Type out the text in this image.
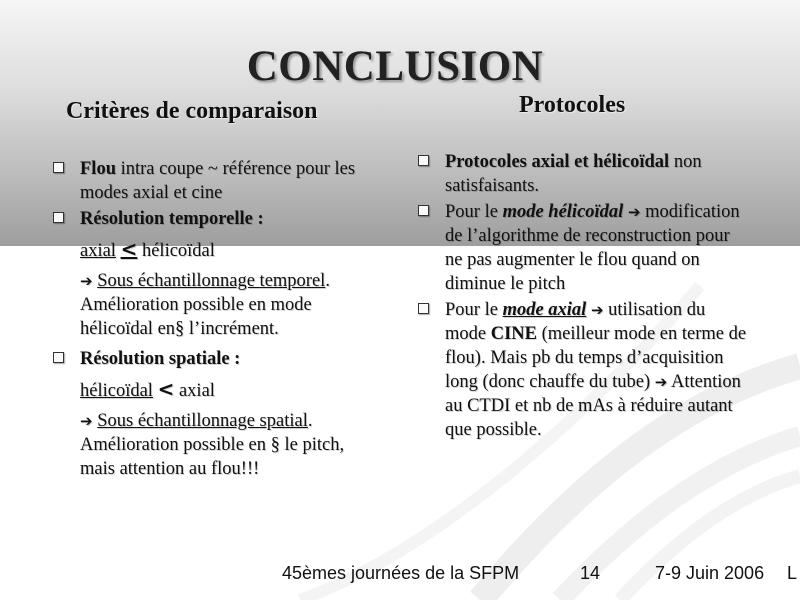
CONCLUSION
Critères de comparaison	Protocoles
Flou intra coupe ~ référence pour les modes axial et cine
Résolution temporelle :
axial < hélicoïdal
➔ Sous échantillonnage temporel. Amélioration possible en mode hélicoïdal en§ l’incrément.
Résolution spatiale :
hélicoïdal < axial
➔ Sous échantillonnage spatial. Amélioration possible en § le pitch, mais attention au flou!!!
Protocoles axial et hélicoïdal non satisfaisants.
Pour le mode hélicoïdal ➔ modification de l’algorithme de reconstruction pour ne pas augmenter le flou quand on diminue le pitch
Pour le mode axial ➔ utilisation du mode CINE (meilleur mode en terme de flou). Mais pb du temps d’acquisition long (donc chauffe du tube) ➔ Attention au CTDI et nb de mAs à réduire autant que possible.
45èmes journées de la SFPM	14	7-9 Juin 2006 L
